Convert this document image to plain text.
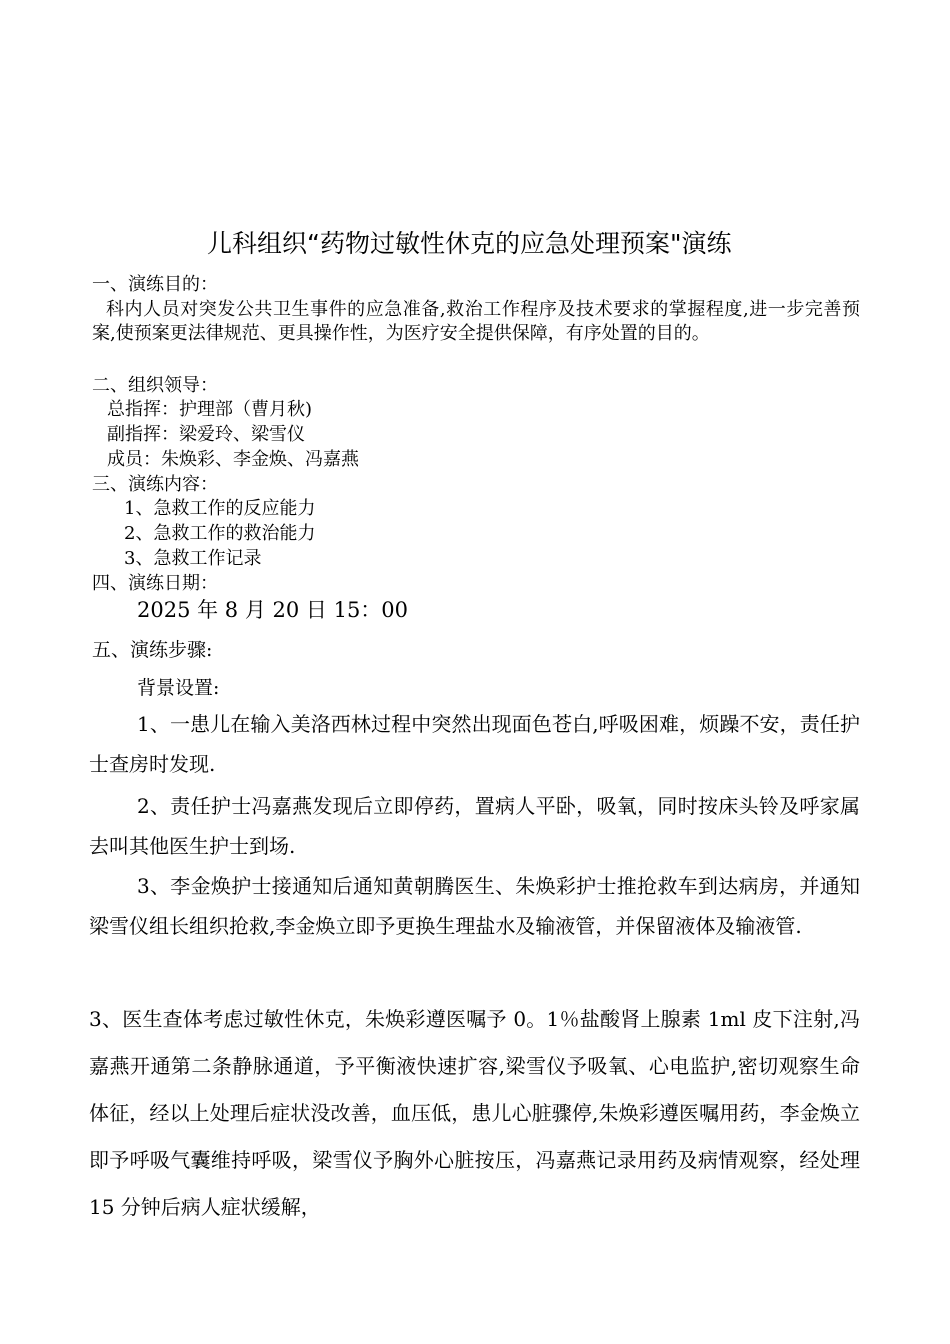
儿科组织“药物过敏性休克的应急处理预案"演练
一、演练目的：
科内人员对突发公共卫生事件的应急准备,救治工作程序及技术要求的掌握程度,进一步完善预案,使预案更法律规范、更具操作性，为医疗安全提供保障，有序处置的目的。
二、组织领导：
总指挥：护理部（曹月秋)
副指挥：梁爱玲、梁雪仪
成员：朱焕彩、李金焕、冯嘉燕
三、演练内容：
1、急救工作的反应能力
2、急救工作的救治能力
3、急救工作记录
四、演练日期：
2025 年 8 月 20 日 15：00
五、演练步骤:
背景设置:
1、一患儿在输入美洛西林过程中突然出现面色苍白,呼吸困难，烦躁不安，责任护士查房时发现.
2、责任护士冯嘉燕发现后立即停药，置病人平卧，吸氧，同时按床头铃及呼家属去叫其他医生护士到场.
3、李金焕护士接通知后通知黄朝腾医生、朱焕彩护士推抢救车到达病房，并通知梁雪仪组长组织抢救,李金焕立即予更换生理盐水及输液管，并保留液体及输液管.
3、医生查体考虑过敏性休克，朱焕彩遵医嘱予 0。1％盐酸肾上腺素 1ml 皮下注射,冯嘉燕开通第二条静脉通道，予平衡液快速扩容,梁雪仪予吸氧、心电监护,密切观察生命体征，经以上处理后症状没改善，血压低，患儿心脏骤停,朱焕彩遵医嘱用药，李金焕立即予呼吸气囊维持呼吸，梁雪仪予胸外心脏按压，冯嘉燕记录用药及病情观察，经处理 15 分钟后病人症状缓解，
